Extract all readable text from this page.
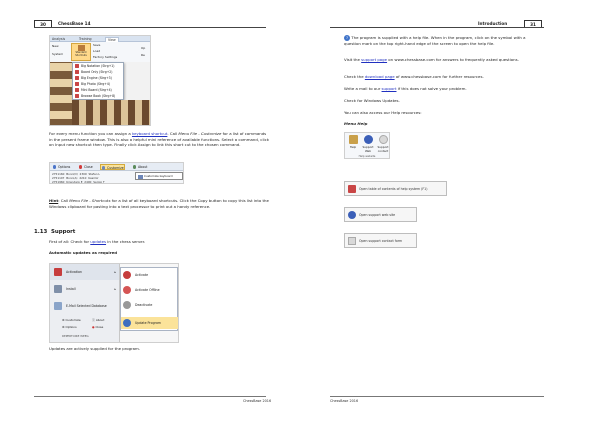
30	ChessBase 14
Analysis	Training	View
New
System	Standard Shortcuts
Save
Load
Factory Settings
Op
Re
Big Notation (Strg+1)
Board Only (Strg+2)
Big Engine (Strg+3)
Big Photo (Strg+4)
Mini Board (Strg+4)
Browse Book (Strg+8)
For every menu function you can assign a keyboard shortcut. Call Menu File - Customize for a list of commands in the present frame window. This is also a helpful mini reference of available functions. Select a command, click on Input new shortcut then type. Finally click Assign to link this short cut to the chosen command.
Options	Close	Customize	About
2751160 Bonn(D) 2309 Stefan L
2751107 Bonn(A) 2210 Kasimir
2751960 Kirendarp E 2490 Sergio T
Customize keyboard shortcuts
Hint: Call Menu File - Shortcuts for a list of all keyboard shortcuts. Click the Copy button to copy this list into the Windows clipboard for pasting into a text processor to print out a handy reference.
1.13 Support
First of all: Check for updates in the chess server.
Automatic updates as required
Activation	▸
Install	▸
E-Mail Selected Database
⚙ Customize	ⓘ About
⚙ Options	● Close
REPERTOIRE WEEG
Activate
Activate Offline
Deactivate
Update Program
Updates are actively supplied for the program.
ChessBase 2016
Introduction	31
? The program is supplied with a help file. When in the program, click on the symbol with a question mark on the top right-hand edge of the screen to open the help file.
Visit the support page on www.chessbase.com for answers to frequently asked questions.
Check the download page of www.chessbase.com for further resources.
Write a mail to our support if this does not solve your problem.
Check for Windows Updates.
You can also access our Help resources:
Menu Help
Help	Support Web
Support contact
Help website
Open table of contents of help system (F1)
Open support web site
Open support contact form
ChessBase 2016
